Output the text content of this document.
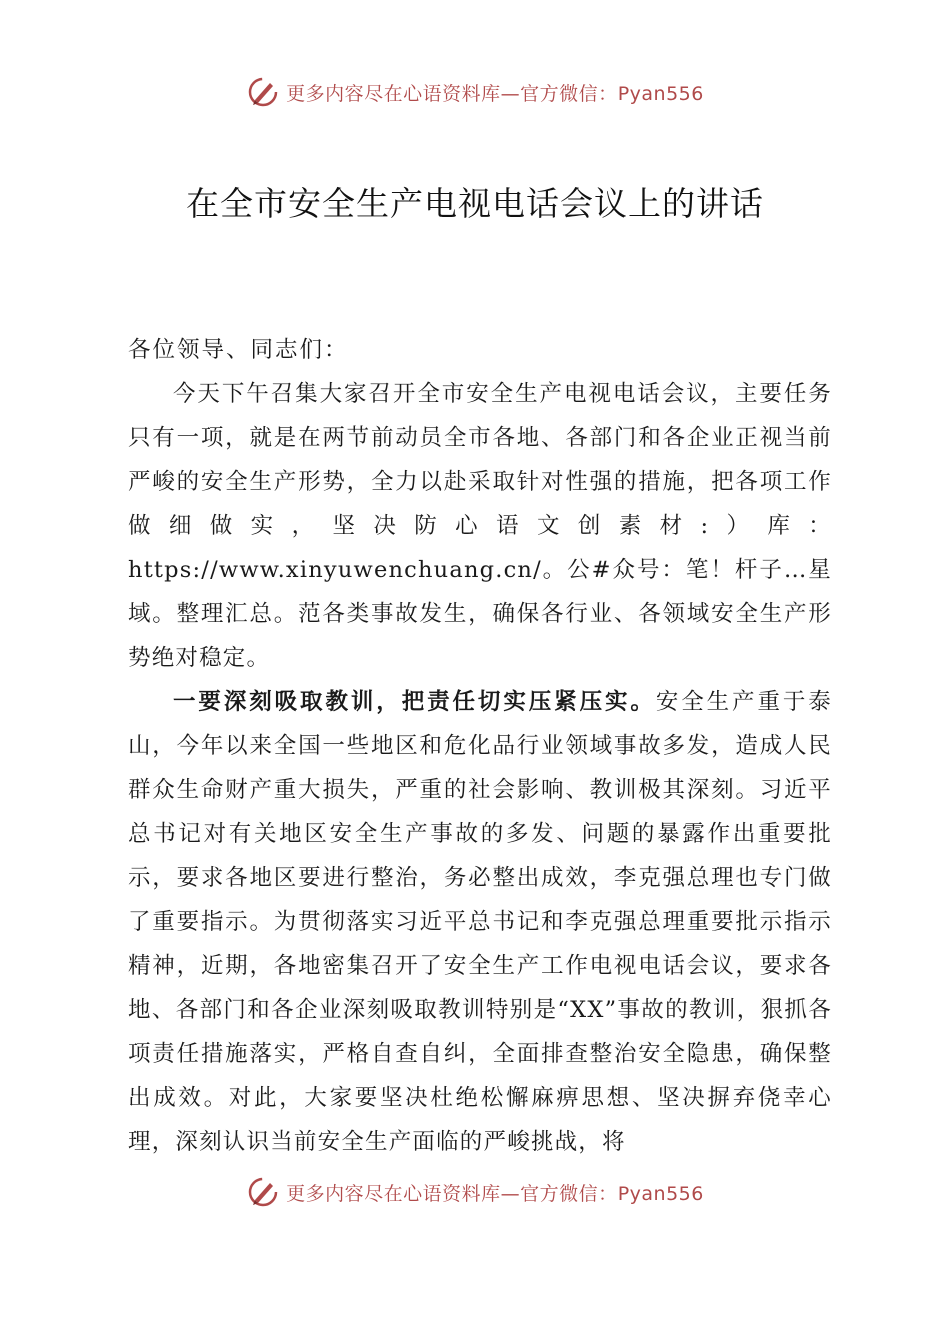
更多内容尽在心语资料库—官方微信：Pyan556
在全市安全生产电视电话会议上的讲话

各位领导、同志们：

今天下午召集大家召开全市安全生产电视电话会议，主要任务只有一项，就是在两节前动员全市各地、各部门和各企业正视当前严峻的安全生产形势，全力以赴采取针对性强的措施，把各项工作做细做实，坚决防心语文创素材:）库：https://www.xinyuwenchuang.cn/。公#众号：笔！杆子…星域。整理汇总。范各类事故发生，确保各行业、各领域安全生产形势绝对稳定。

一要深刻吸取教训，把责任切实压紧压实。安全生产重于泰山，今年以来全国一些地区和危化品行业领域事故多发，造成人民群众生命财产重大损失，严重的社会影响、教训极其深刻。习近平总书记对有关地区安全生产事故的多发、问题的暴露作出重要批示，要求各地区要进行整治，务必整出成效，李克强总理也专门做了重要指示。为贯彻落实习近平总书记和李克强总理重要批示指示精神，近期，各地密集召开了安全生产工作电视电话会议，要求各地、各部门和各企业深刻吸取教训特别是“XX”事故的教训，狠抓各项责任措施落实，严格自查自纠，全面排查整治安全隐患，确保整出成效。对此，大家要坚决杜绝松懈麻痹思想、坚决摒弃侥幸心理，深刻认识当前安全生产面临的严峻挑战，将

更多内容尽在心语资料库—官方微信：Pyan556
